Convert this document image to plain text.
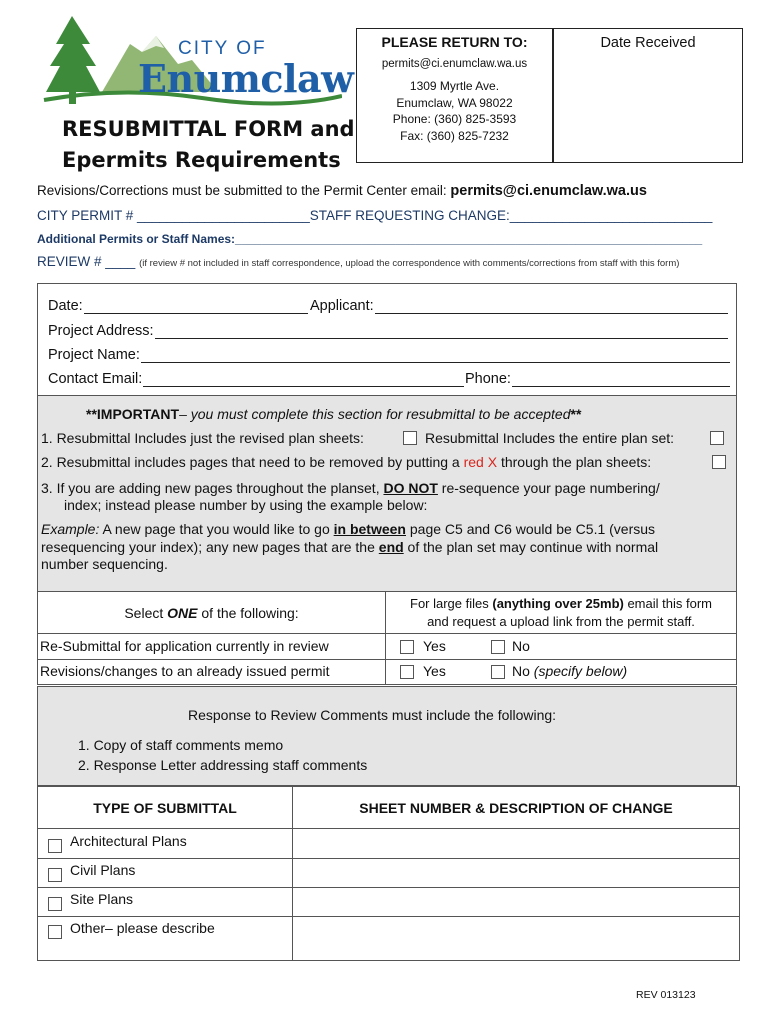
CITY OF
Enumclaw
RESUBMITTAL FORM and
Epermits Requirements
PLEASE RETURN TO:
permits@ci.enumclaw.wa.us
1309 Myrtle Ave.
Enumclaw, WA 98022
Phone: (360) 825-3593
Fax: (360) 825-7232
Date Received
Revisions/Corrections must be submitted to the Permit Center email: permits@ci.enumclaw.wa.us
CITY PERMIT # _______________________STAFF REQUESTING CHANGE:___________________________
Additional Permits or Staff Names:______________________________________________________________________
REVIEW # ____ (if review # not included in staff correspondence, upload the correspondence with comments/corrections from staff with this form)
Date:	Applicant:
Project Address:
Project Name:
Contact Email:	Phone:
**IMPORTANT– you must complete this section for resubmittal to be accepted**
1. Resubmittal Includes just the revised plan sheets:	Resubmittal Includes the entire plan set:
2. Resubmittal includes pages that need to be removed by putting a red X through the plan sheets:
3. If you are adding new pages throughout the planset, DO NOT re-sequence your page numbering/
index; instead please number by using the example below:
Example: A new page that you would like to go in between page C5 and C6 would be C5.1 (versus
resequencing your index); any new pages that are the end of the plan set may continue with normal
number sequencing.
Select ONE of the following:
For large files (anything over 25mb) email this form
and request a upload link from the permit staff.
Re-Submittal for application currently in review	Yes	No
Revisions/changes to an already issued permit	Yes	No (specify below)
Response to Review Comments must include the following:
1. Copy of staff comments memo
2. Response Letter addressing staff comments
TYPE OF SUBMITTAL	SHEET NUMBER & DESCRIPTION OF CHANGE
Architectural Plans
Civil Plans
Site Plans
Other– please describe
REV 013123
